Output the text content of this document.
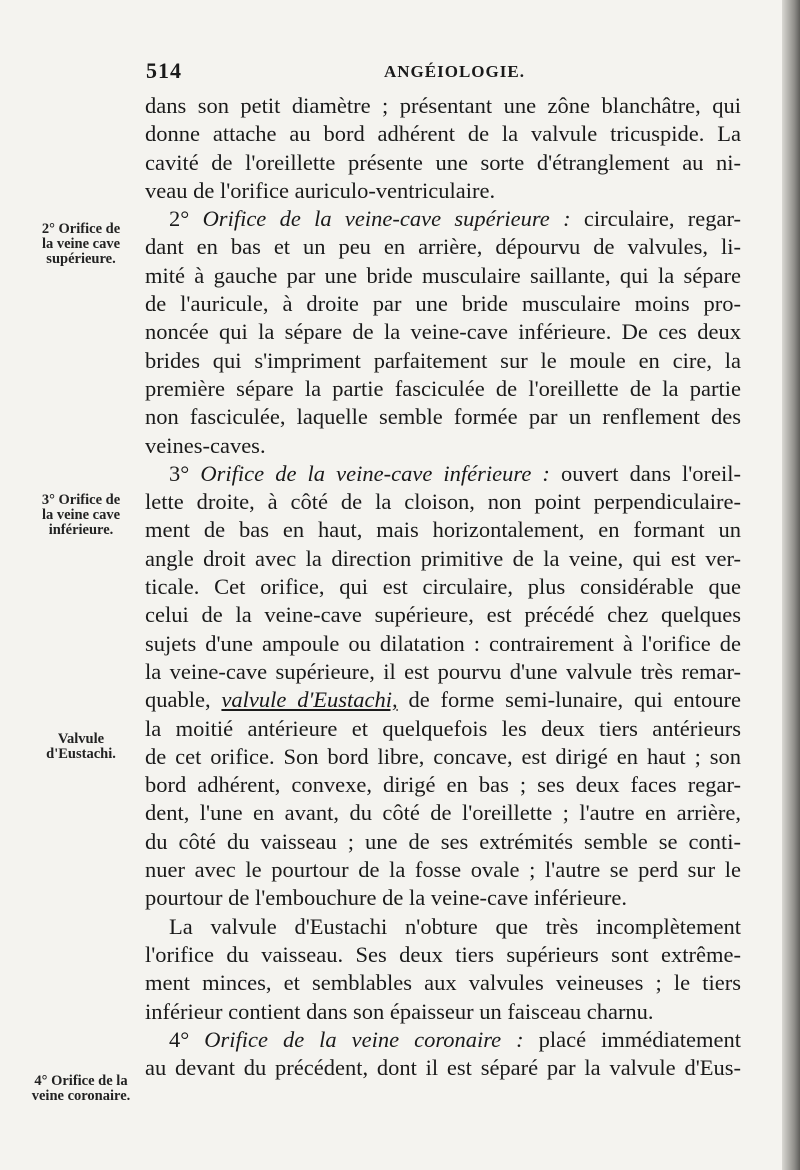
514	ANGÉIOLOGIE.
2° Orifice de
la veine cave
supérieure.
3° Orifice de
la veine cave
inférieure.
Valvule
d'Eustachi.
4° Orifice de la
veine coronaire.
dans son petit diamètre ; présentant une zône blanchâtre, qui
donne attache au bord adhérent de la valvule tricuspide. La
cavité de l'oreillette présente une sorte d'étranglement au ni-
veau de l'orifice auriculo-ventriculaire.
2° Orifice de la veine-cave supérieure : circulaire, regar-
dant en bas et un peu en arrière, dépourvu de valvules, li-
mité à gauche par une bride musculaire saillante, qui la sépare
de l'auricule, à droite par une bride musculaire moins pro-
noncée qui la sépare de la veine-cave inférieure. De ces deux
brides qui s'impriment parfaitement sur le moule en cire, la
première sépare la partie fasciculée de l'oreillette de la partie
non fasciculée, laquelle semble formée par un renflement des
veines-caves.
3° Orifice de la veine-cave inférieure : ouvert dans l'oreil-
lette droite, à côté de la cloison, non point perpendiculaire-
ment de bas en haut, mais horizontalement, en formant un
angle droit avec la direction primitive de la veine, qui est ver-
ticale. Cet orifice, qui est circulaire, plus considérable que
celui de la veine-cave supérieure, est précédé chez quelques
sujets d'une ampoule ou dilatation : contrairement à l'orifice de
la veine-cave supérieure, il est pourvu d'une valvule très remar-
quable, valvule d'Eustachi, de forme semi-lunaire, qui entoure
la moitié antérieure et quelquefois les deux tiers antérieurs
de cet orifice. Son bord libre, concave, est dirigé en haut ; son
bord adhérent, convexe, dirigé en bas ; ses deux faces regar-
dent, l'une en avant, du côté de l'oreillette ; l'autre en arrière,
du côté du vaisseau ; une de ses extrémités semble se conti-
nuer avec le pourtour de la fosse ovale ; l'autre se perd sur le
pourtour de l'embouchure de la veine-cave inférieure.
La valvule d'Eustachi n'obture que très incomplètement
l'orifice du vaisseau. Ses deux tiers supérieurs sont extrême-
ment minces, et semblables aux valvules veineuses ; le tiers
inférieur contient dans son épaisseur un faisceau charnu.
4° Orifice de la veine coronaire : placé immédiatement
au devant du précédent, dont il est séparé par la valvule d'Eus-
